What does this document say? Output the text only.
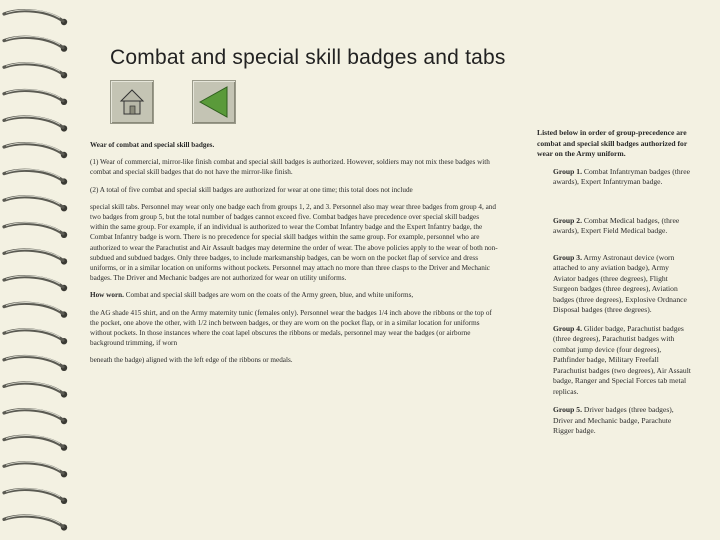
Combat and special skill badges and tabs

Wear of combat and special skill badges.

(1) Wear of commercial, mirror-like finish combat and special skill badges is authorized. However, soldiers may not mix these badges with combat and special skill badges that do not have the mirror-like finish.

(2) A total of five combat and special skill badges are authorized for wear at one time; this total does not include

special skill tabs. Personnel may wear only one badge each from groups 1, 2, and 3. Personnel also may wear three badges from group 4, and two badges from group 5, but the total number of badges cannot exceed five. Combat badges have precedence over special skill badges within the same group. For example, if an individual is authorized to wear the Combat Infantry badge and the Expert Infantry badge, the Combat Infantry badge is worn. There is no precedence for special skill badges within the same group. For example, personnel who are authorized to wear the Parachutist and Air Assault badges may determine the order of wear. The above policies apply to the wear of both non-subdued and subdued badges. Only three badges, to include marksmanship badges, can be worn on the pocket flap of service and dress uniforms, or in a similar location on uniforms without pockets. Personnel may attach no more than three clasps to the Driver and Mechanic badges. The Driver and Mechanic badges are not authorized for wear on utility uniforms.

How worn. Combat and special skill badges are worn on the coats of the Army green, blue, and white uniforms,

the AG shade 415 shirt, and on the Army maternity tunic (females only). Personnel wear the badges 1/4 inch above the ribbons or the top of the pocket, one above the other, with 1/2 inch between badges, or they are worn on the pocket flap, or in a similar location for uniforms without pockets. In those instances where the coat lapel obscures the ribbons or medals, personnel may wear the badges (or airborne background trimming, if worn

beneath the badge) aligned with the left edge of the ribbons or medals.

Listed below in order of group-precedence are combat and special skill badges authorized for wear on the Army uniform.
Group 1. Combat Infantryman badges (three awards), Expert Infantryman badge.
Group 2. Combat Medical badges, (three awards), Expert Field Medical badge.
Group 3. Army Astronaut device (worn attached to any aviation badge), Army Aviator badges (three degrees), Flight Surgeon badges (three degrees), Aviation badges (three degrees), Explosive Ordnance Disposal badges (three degrees).
Group 4. Glider badge, Parachutist badges (three degrees), Parachutist badges with combat jump device (four degrees), Pathfinder badge, Military Freefall Parachutist badges (two degrees), Air Assault badge, Ranger and Special Forces tab metal replicas.
Group 5. Driver badges (three badges), Driver and Mechanic badge, Parachute Rigger badge.
